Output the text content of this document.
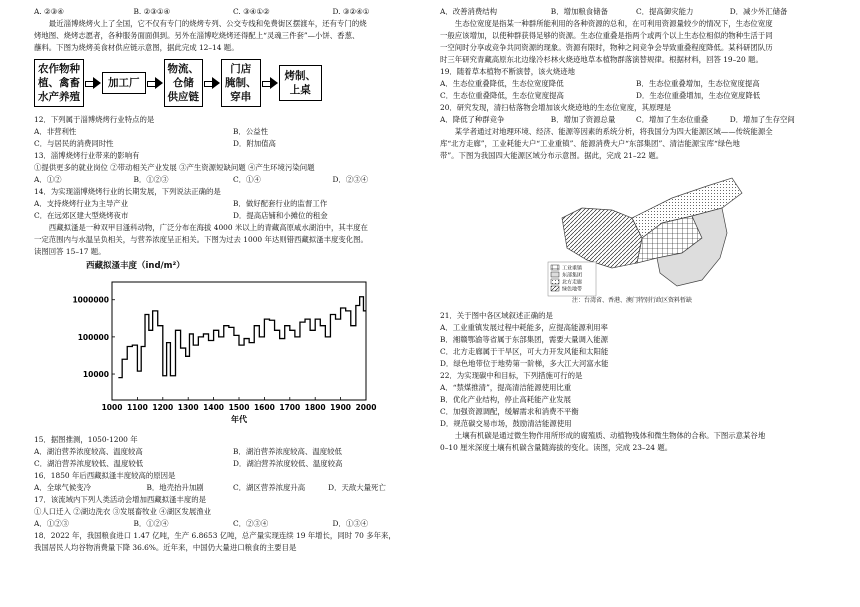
A. ②③④	B. ②③①④	C. ③④①②	D. ③②④①
最近淄博烧烤火上了全国，它不仅有专门的烧烤专列、公交专线和免费街区摆渡车，还有专门的烧
烤地图、烧烤志愿者，各种服务面面俱到。另外在淄博吃烧烤还得配上“灵魂三件套”—小饼、香葱、
蘸料。下图为烧烤美食材供应链示意图，据此完成 12–14 题。
农作物种
植、禽畜
水产养殖
加工厂
物流、
仓储
供应链
门店
腌制、
穿串
烤制、
上桌
12．下列属于淄博烧烤行业特点的是
A．非营利性	B．公益性
C．与居民的消费同时性	D．附加值高
13．淄博烧烤行业带来的影响有
①提供更多的就业岗位 ②带动相关产业发展 ③产生资源短缺问题 ④产生环境污染问题
A．①②	B．①②③	C．①④	D．②③④
14．为实现淄博烧烤行业的长期发展，下列说法正确的是
A．支持烧烤行业为主导产业	B．做好配套行业的监督工作
C．在远郊区建大型烧烤夜市	D．提高店铺和小摊位的租金
西藏拟溞是一种双甲目溞科动物，广泛分布在海拔 4000 米以上的青藏高原咸水湖泊中，其丰度在
一定范围内与水温呈负相关，与营养浓度呈正相关。下图为过去 1000 年达则错西藏拟溞丰度变化图。
读图回答 15–17 题。
西藏拟溞丰度（ind/m²）
1000 1100 1200 1300 1400 1500 1600 1700 1800 1900 2000
10000
100000
1000000
年代
15．据图推测，1050-1200 年
A．湖泊营养浓度较高、温度较高	B．湖泊营养浓度较高、温度较低
C．湖泊营养浓度较低、温度较低	D．湖泊营养浓度较低、温度较高
16．1850 年后西藏拟溞丰度较高的原因是
A．全球气候变冷	B．地壳抬升加剧	C．湖区营养浓度升高	D．天敌大量死亡
17．该流域内下列人类活动会增加西藏拟溞丰度的是
①人口迁入 ②湖边洗衣 ③发展畜牧业 ④湖区发展渔业
A．①②③	B．①②④	C．②③④	D．①③④
18．2022 年，我国粮食进口 1.47 亿吨，生产 6.8653 亿吨，总产量实现连续 19 年增长，同时 70 多年来，
我国居民人均谷物消费量下降 36.6%。近年来，中国仍大量进口粮食的主要目是
A．改善消费结构	B．增加粮食储备	C．提高御灾能力	D．减少外汇储备
生态位宽度是指某一种群所能利用的各种资源的总和，在可利用资源量较少的情况下，生态位宽度
一般应该增加，以使种群获得足够的资源。生态位重叠是指两个或两个以上生态位相似的物种生活于同
一空间时分享或竞争共同资源的现象。资源有限时，物种之间竞争会导致重叠程度降低。某科研团队历
时三年研究青藏高原东北边缘冷杉林火烧迹地草本植物群落演替规律。根据材料，回答 19–20 题。
19．随着草本植物不断演替，该火烧迹地
A．生态位重叠降低，生态位宽度降低	B．生态位重叠增加，生态位宽度提高
C．生态位重叠降低，生态位宽度提高	D．生态位重叠增加，生态位宽度降低
20．研究发现，清扫枯落物会增加该火烧迹地的生态位宽度，其原理是
A．降低了种群竞争	B．增加了资源总量	C．增加了生态位重叠	D．增加了生存空间
某学者通过对地理环境、经济、能源等因素的系统分析，将我国分为四大能源区域——传统能源全
库“北方走廊”，工业耗能大户“工业重镇”、能源消费大户“东部集团”、清洁能源宝库“绿色地
带”。下图为我国四大能源区域分布示意图。据此，完成 21–22 题。
工业重镇
东部集团
北方走廊
绿色地带
注：台湾省、香港、澳门特别行政区资料暂缺
21．关于图中各区域叙述正确的是
A．工业重镇发展过程中耗能多，应提高能源利用率
B．湘赣鄂渝等省属于东部集团，需要大量调入能源
C．北方走廊属于干旱区，可大力开发风能和太阳能
D．绿色地带位于地势第一阶梯，多大江大河富水能
22．为实现碳中和目标，下列措施可行的是
A．“禁煤推清”，提高清洁能源使用比重
B．优化产业结构，停止高耗能产业发展
C．加强资源调配，缓解需求和消费不平衡
D．规范碳交易市场，鼓励清洁能源使用
土壤有机碳是通过微生物作用所形成的腐殖质、动植物残体和微生物体的合称。下图示意某谷地
0–10 厘米深度土壤有机碳含量随海拔的变化。读图，完成 23–24 题。
